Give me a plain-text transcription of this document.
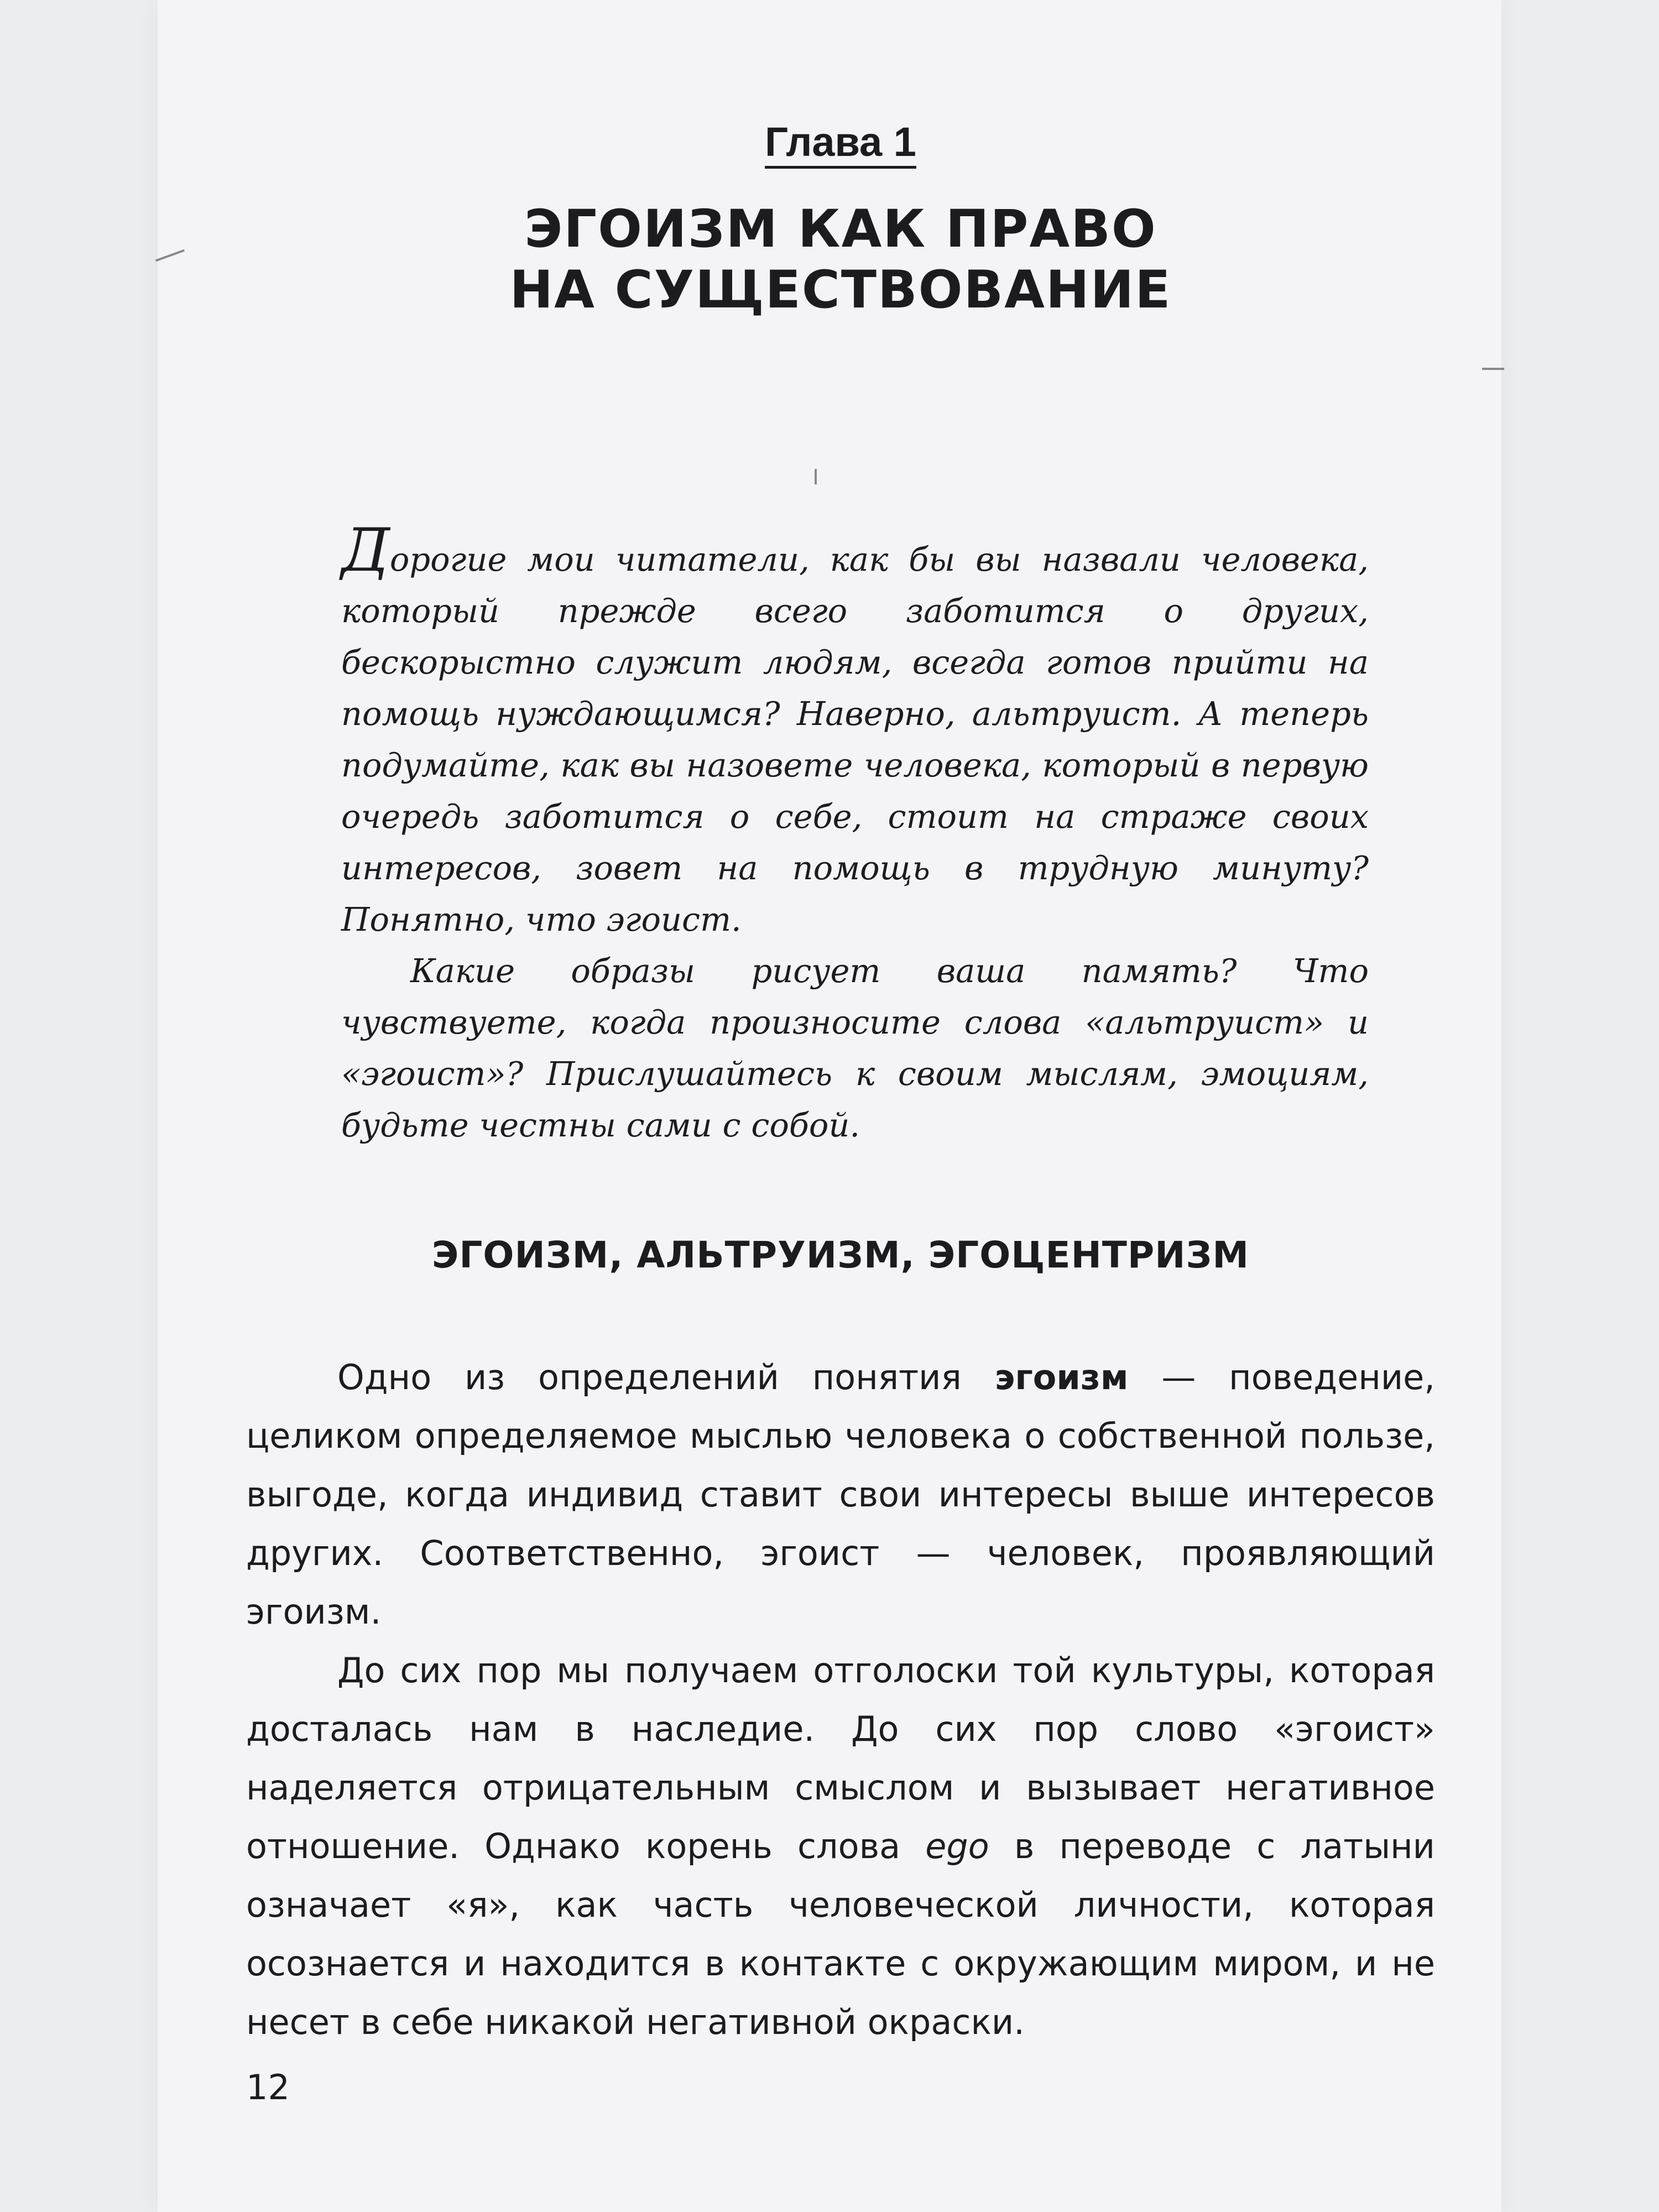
Глава 1
ЭГОИЗМ КАК ПРАВО
НА СУЩЕСТВОВАНИЕ

Дорогие мои читатели, как бы вы назвали человека, который прежде всего заботится о других, бескорыстно служит людям, всегда готов прийти на помощь нуждающимся? Наверно, альтруист. А теперь подумайте, как вы назовете человека, который в первую очередь заботится о себе, стоит на страже своих интересов, зовет на помощь в трудную минуту? Понятно, что эгоист.

Какие образы рисует ваша память? Что чувствуете, когда произносите слова «альтруист» и «эгоист»? Прислушайтесь к своим мыслям, эмоциям, будьте честны сами с собой.

ЭГОИЗМ, АЛЬТРУИЗМ, ЭГОЦЕНТРИЗМ

Одно из определений понятия эгоизм — поведение, целиком определяемое мыслью человека о собственной пользе, выгоде, когда индивид ставит свои интересы выше интересов других. Соответственно, эгоист — человек, проявляющий эгоизм.

До сих пор мы получаем отголоски той культуры, которая досталась нам в наследие. До сих пор слово «эгоист» наделяется отрицательным смыслом и вызывает негативное отношение. Однако корень слова ego в переводе с латыни означает «я», как часть человеческой личности, которая осознается и находится в контакте с окружающим миром, и не несет в себе никакой негативной окраски.

12
